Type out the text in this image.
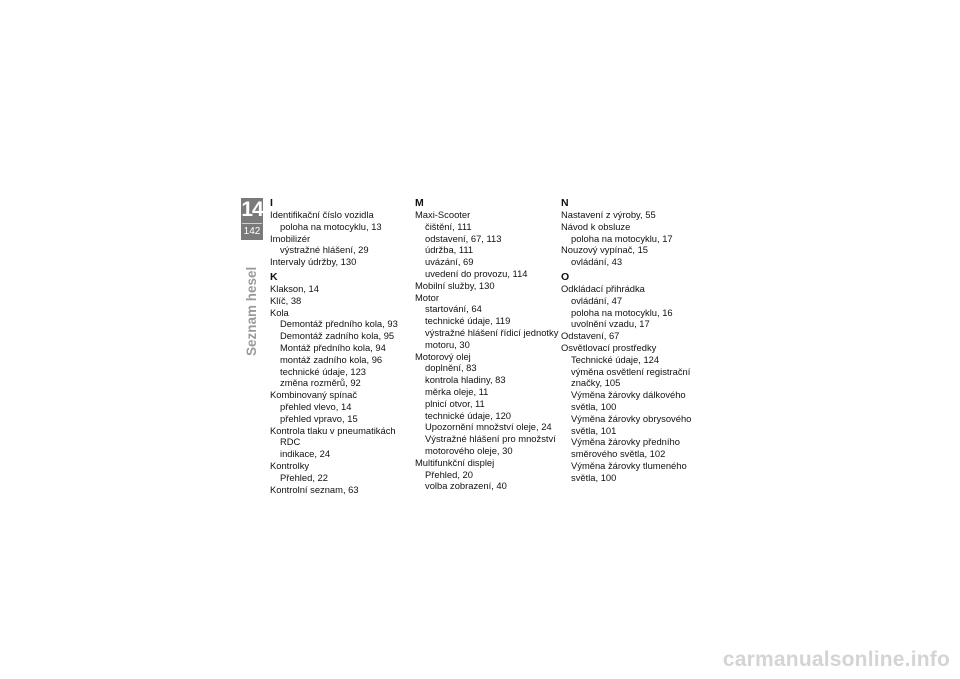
14
142
Seznam hesel
I
Identifikační číslo vozidla
poloha na motocyklu, 13
Imobilizér
výstražné hlášení, 29
Intervaly údržby, 130
K
Klakson, 14
Klíč, 38
Kola
Demontáž předního kola, 93
Demontáž zadního kola, 95
Montáž předního kola, 94
montáž zadního kola, 96
technické údaje, 123
změna rozměrů, 92
Kombinovaný spínač
přehled vlevo, 14
přehled vpravo, 15
Kontrola tlaku v pneumatikách
RDC
indikace, 24
Kontrolky
Přehled, 22
Kontrolní seznam, 63
M
Maxi-Scooter
čištění, 111
odstavení, 67, 113
údržba, 111
uvázání, 69
uvedení do provozu, 114
Mobilní služby, 130
Motor
startování, 64
technické údaje, 119
výstražné hlášení řídicí jednotky
motoru, 30
Motorový olej
doplnění, 83
kontrola hladiny, 83
měrka oleje, 11
plnicí otvor, 11
technické údaje, 120
Upozornění množství oleje, 24
Výstražné hlášení pro množství
motorového oleje, 30
Multifunkční displej
Přehled, 20
volba zobrazení, 40
N
Nastavení z výroby, 55
Návod k obsluze
poloha na motocyklu, 17
Nouzový vypínač, 15
ovládání, 43
O
Odkládací přihrádka
ovládání, 47
poloha na motocyklu, 16
uvolnění vzadu, 17
Odstavení, 67
Osvětlovací prostředky
Technické údaje, 124
výměna osvětlení registrační
značky, 105
Výměna žárovky dálkového
světla, 100
Výměna žárovky obrysového
světla, 101
Výměna žárovky předního
směrového světla, 102
Výměna žárovky tlumeného
světla, 100
carmanualsonline.info
